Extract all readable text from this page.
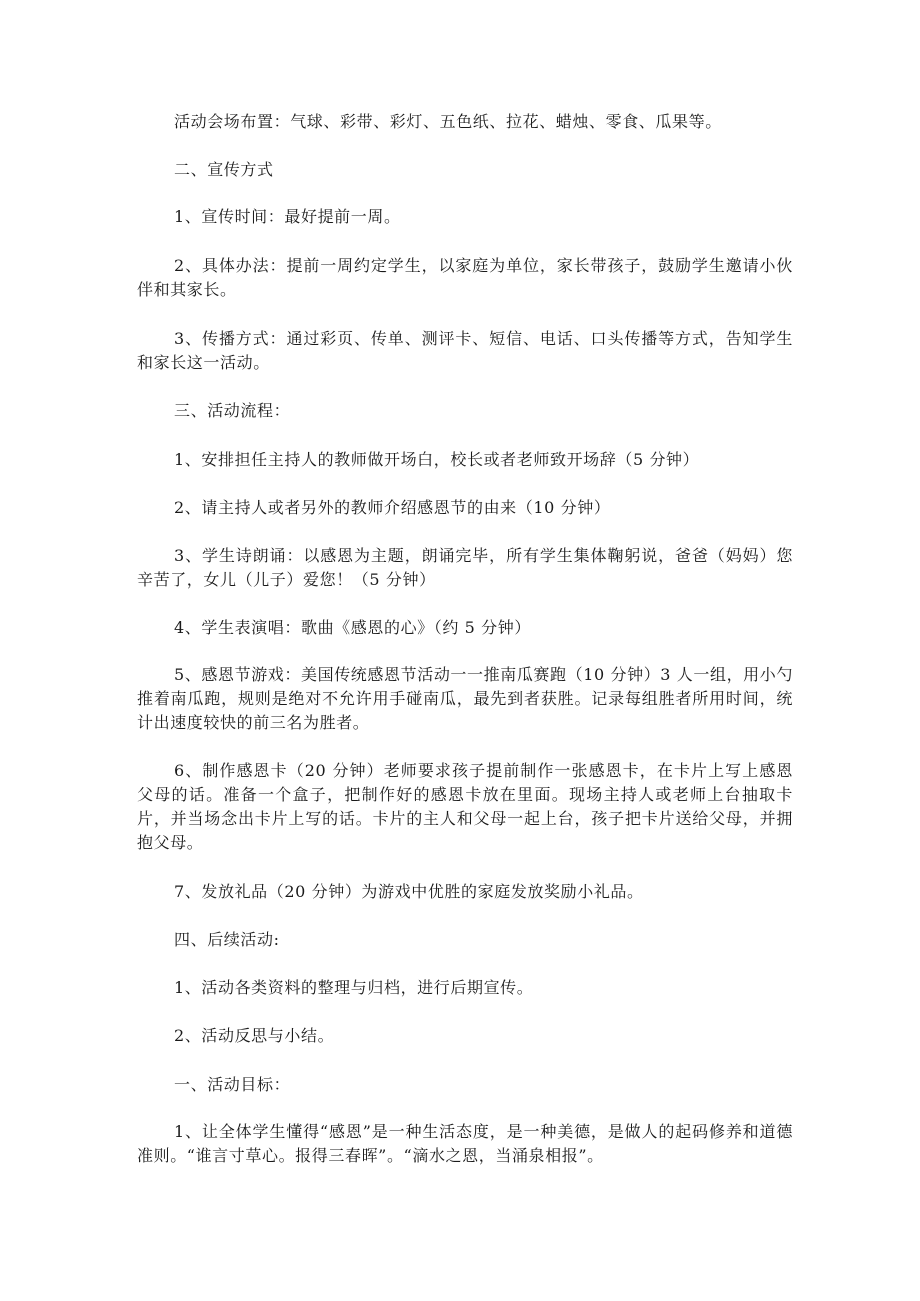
活动会场布置：气球、彩带、彩灯、五色纸、拉花、蜡烛、零食、瓜果等。

二、宣传方式

1、宣传时间：最好提前一周。

2、具体办法：提前一周约定学生，以家庭为单位，家长带孩子，鼓励学生邀请小伙伴和其家长。

3、传播方式：通过彩页、传单、测评卡、短信、电话、口头传播等方式，告知学生和家长这一活动。

三、活动流程：

1、安排担任主持人的教师做开场白，校长或者老师致开场辞（5 分钟）

2、请主持人或者另外的教师介绍感恩节的由来（10 分钟）

3、学生诗朗诵：以感恩为主题，朗诵完毕，所有学生集体鞠躬说，爸爸（妈妈）您辛苦了，女儿（儿子）爱您！（5 分钟）

4、学生表演唱：歌曲《感恩的心》（约 5 分钟）

5、感恩节游戏：美国传统感恩节活动一一推南瓜赛跑（10 分钟）3 人一组，用小勺推着南瓜跑，规则是绝对不允许用手碰南瓜，最先到者获胜。记录每组胜者所用时间，统计出速度较快的前三名为胜者。

6、制作感恩卡（20 分钟）老师要求孩子提前制作一张感恩卡，在卡片上写上感恩父母的话。准备一个盒子，把制作好的感恩卡放在里面。现场主持人或老师上台抽取卡片，并当场念出卡片上写的话。卡片的主人和父母一起上台，孩子把卡片送给父母，并拥抱父母。

7、发放礼品（20 分钟）为游戏中优胜的家庭发放奖励小礼品。

四、后续活动:

1、活动各类资料的整理与归档，进行后期宣传。

2、活动反思与小结。

一、活动目标：

1、让全体学生懂得“感恩”是一种生活态度，是一种美德，是做人的起码修养和道德准则。“谁言寸草心。报得三春晖”。“滴水之恩，当涌泉相报”。
